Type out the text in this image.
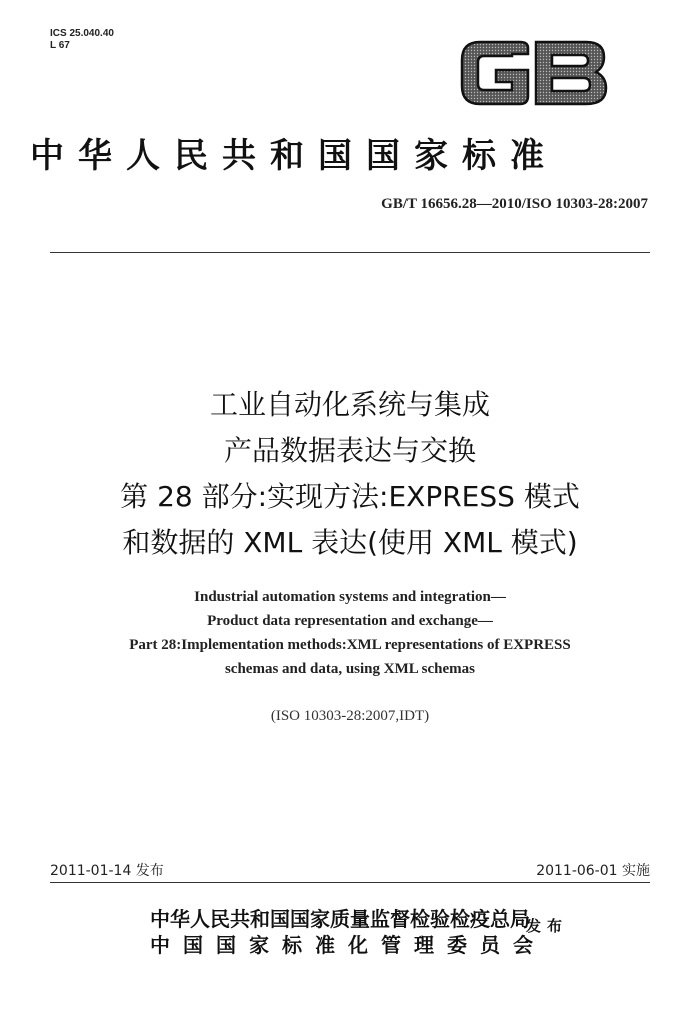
ICS 25.040.40
L 67
中华人民共和国国家标准
GB/T 16656.28—2010/ISO 10303-28:2007
工业自动化系统与集成
产品数据表达与交换
第 28 部分:实现方法:EXPRESS 模式
和数据的 XML 表达(使用 XML 模式)
Industrial automation systems and integration—
Product data representation and exchange—
Part 28:Implementation methods:XML representations of EXPRESS
schemas and data, using XML schemas
(ISO 10303-28:2007,IDT)
2011-01-14 发布	2011-06-01 实施
中华人民共和国国家质量监督检验检疫总局
中国国家标准化管理委员会
发布
